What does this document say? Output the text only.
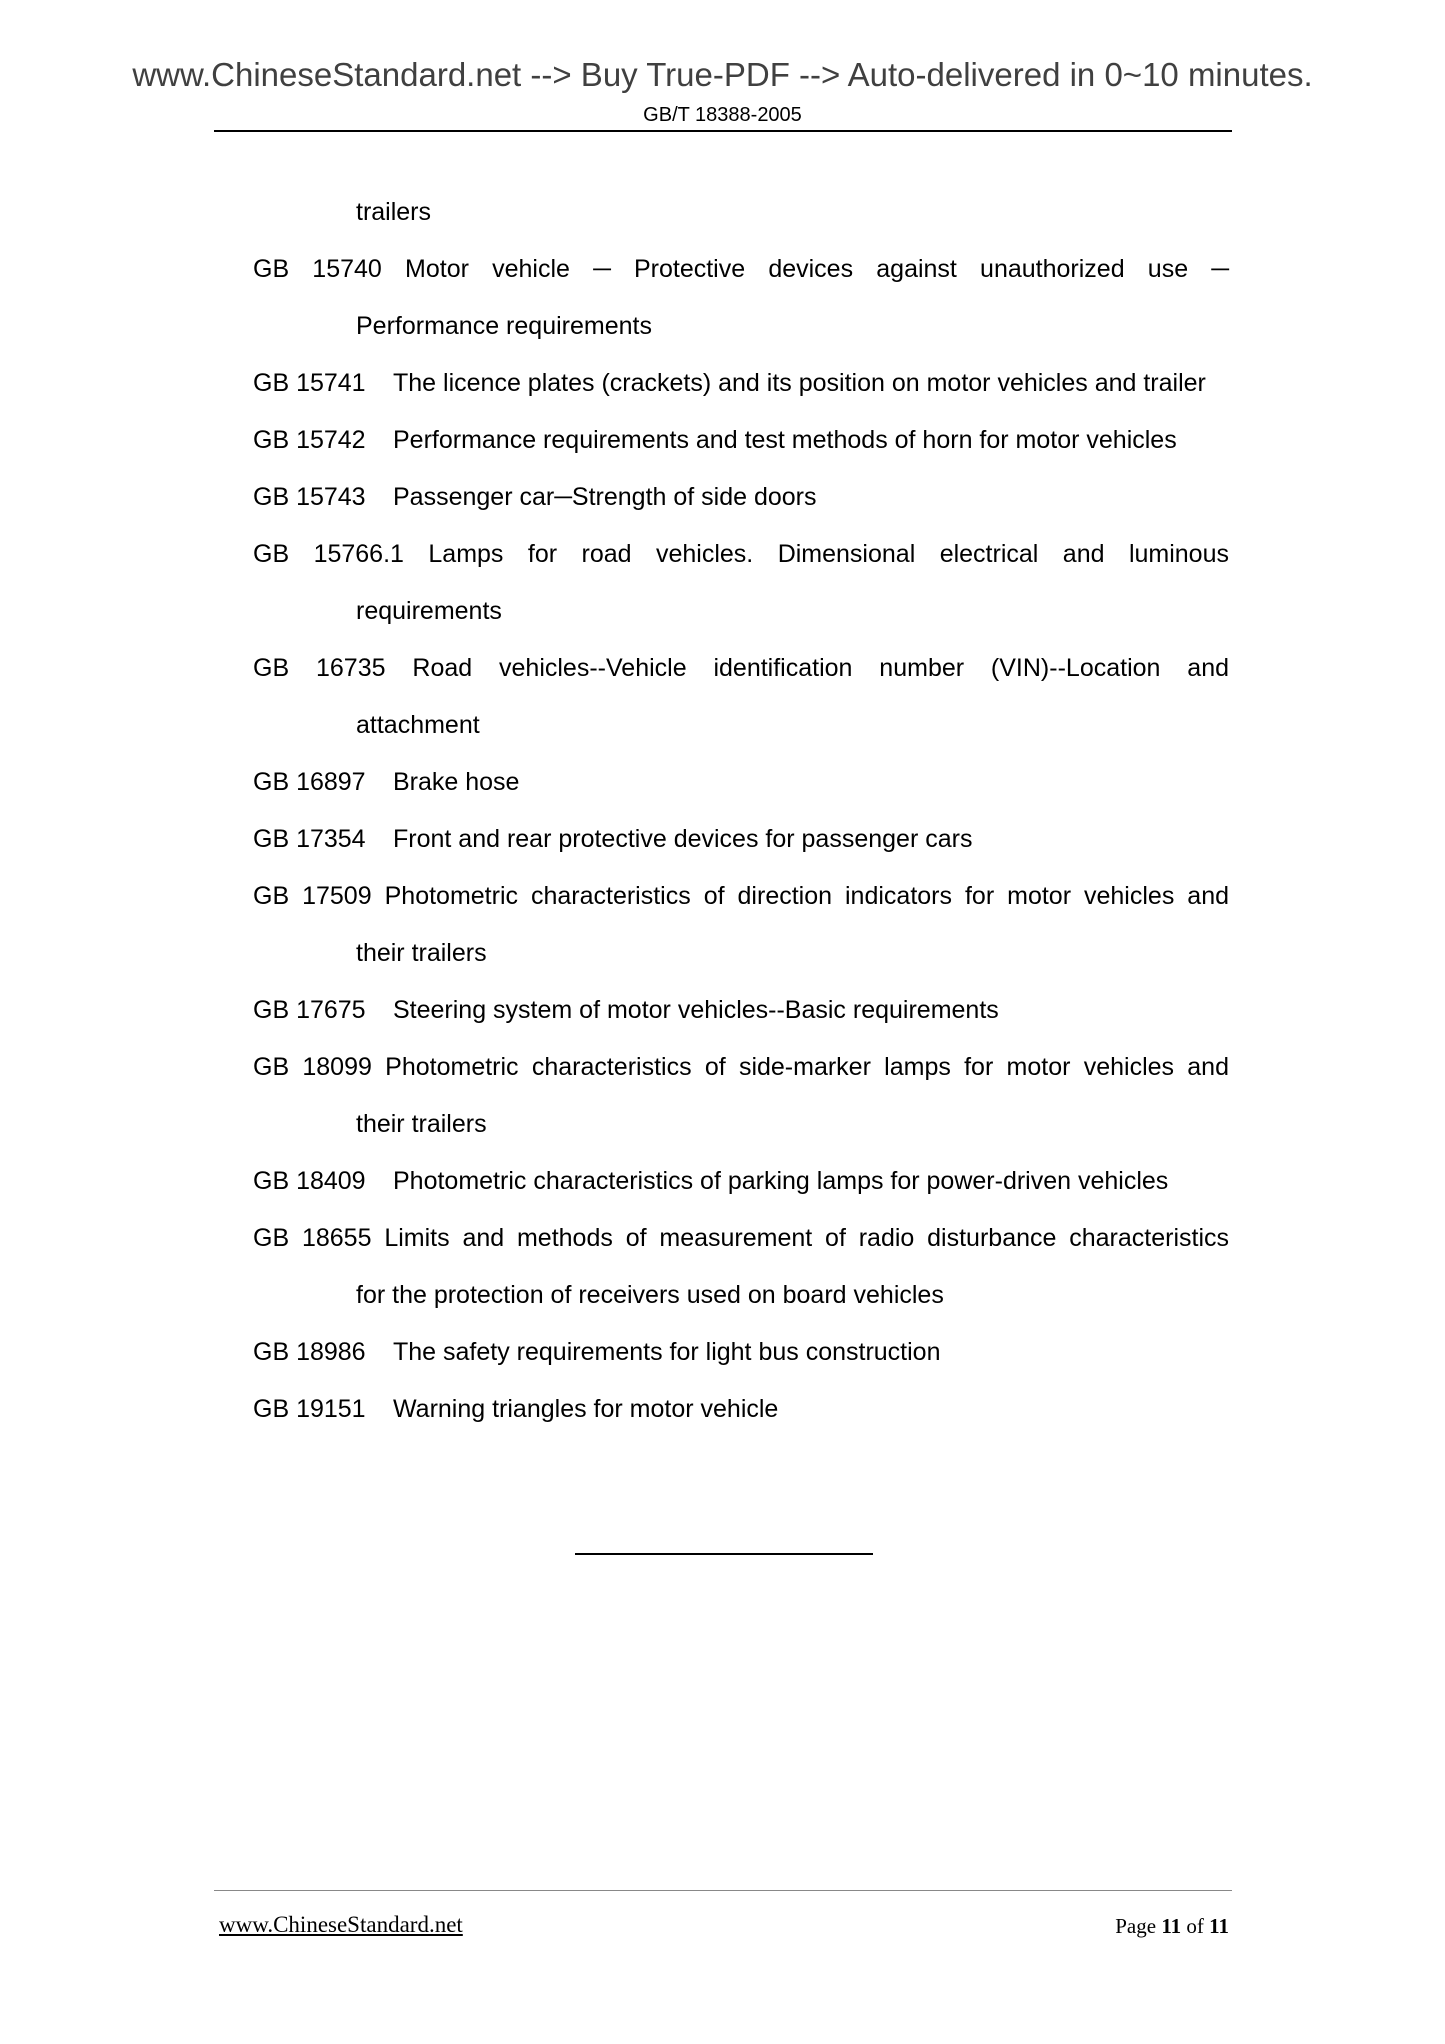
www.ChineseStandard.net --> Buy True-PDF --> Auto-delivered in 0~10 minutes.
GB/T 18388-2005
trailers
GB 15740 Motor vehicle ─ Protective devices against unauthorized use ─
Performance requirements
GB 15741 The licence plates (crackets) and its position on motor vehicles and trailer
GB 15742 Performance requirements and test methods of horn for motor vehicles
GB 15743 Passenger car─Strength of side doors
GB 15766.1 Lamps for road vehicles. Dimensional electrical and luminous
requirements
GB 16735 Road vehicles--Vehicle identification number (VIN)--Location and
attachment
GB 16897 Brake hose
GB 17354 Front and rear protective devices for passenger cars
GB 17509 Photometric characteristics of direction indicators for motor vehicles and
their trailers
GB 17675 Steering system of motor vehicles--Basic requirements
GB 18099 Photometric characteristics of side-marker lamps for motor vehicles and
their trailers
GB 18409 Photometric characteristics of parking lamps for power-driven vehicles
GB 18655 Limits and methods of measurement of radio disturbance characteristics
for the protection of receivers used on board vehicles
GB 18986 The safety requirements for light bus construction
GB 19151 Warning triangles for motor vehicle
www.ChineseStandard.net	Page 11 of 11
